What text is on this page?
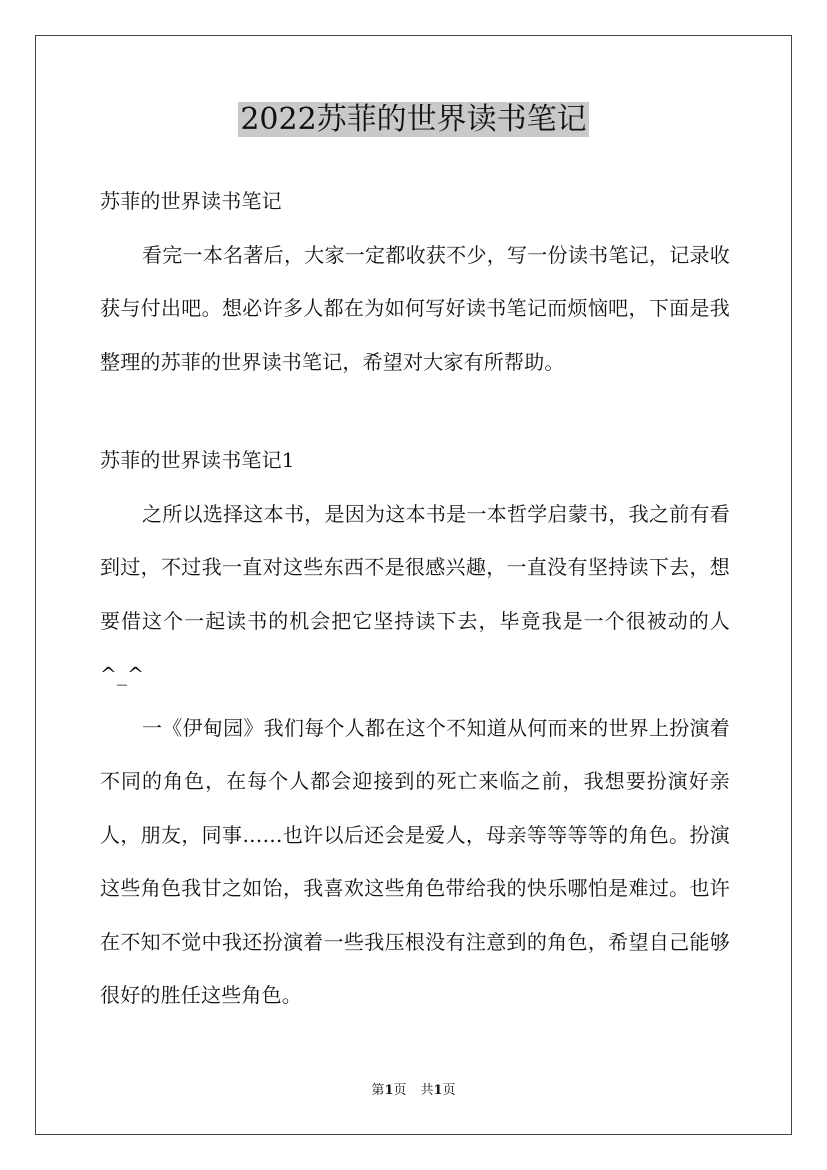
2022苏菲的世界读书笔记

苏菲的世界读书笔记

看完一本名著后，大家一定都收获不少，写一份读书笔记，记录收获与付出吧。想必许多人都在为如何写好读书笔记而烦恼吧，下面是我整理的苏菲的世界读书笔记，希望对大家有所帮助。

苏菲的世界读书笔记1

之所以选择这本书，是因为这本书是一本哲学启蒙书，我之前有看到过，不过我一直对这些东西不是很感兴趣，一直没有坚持读下去，想要借这个一起读书的机会把它坚持读下去，毕竟我是一个很被动的人^_^

一《伊甸园》我们每个人都在这个不知道从何而来的世界上扮演着不同的角色，在每个人都会迎接到的死亡来临之前，我想要扮演好亲人，朋友，同事……也许以后还会是爱人，母亲等等等等的角色。扮演这些角色我甘之如饴，我喜欢这些角色带给我的快乐哪怕是难过。也许在不知不觉中我还扮演着一些我压根没有注意到的角色，希望自己能够很好的胜任这些角色。

第1页 共1页
